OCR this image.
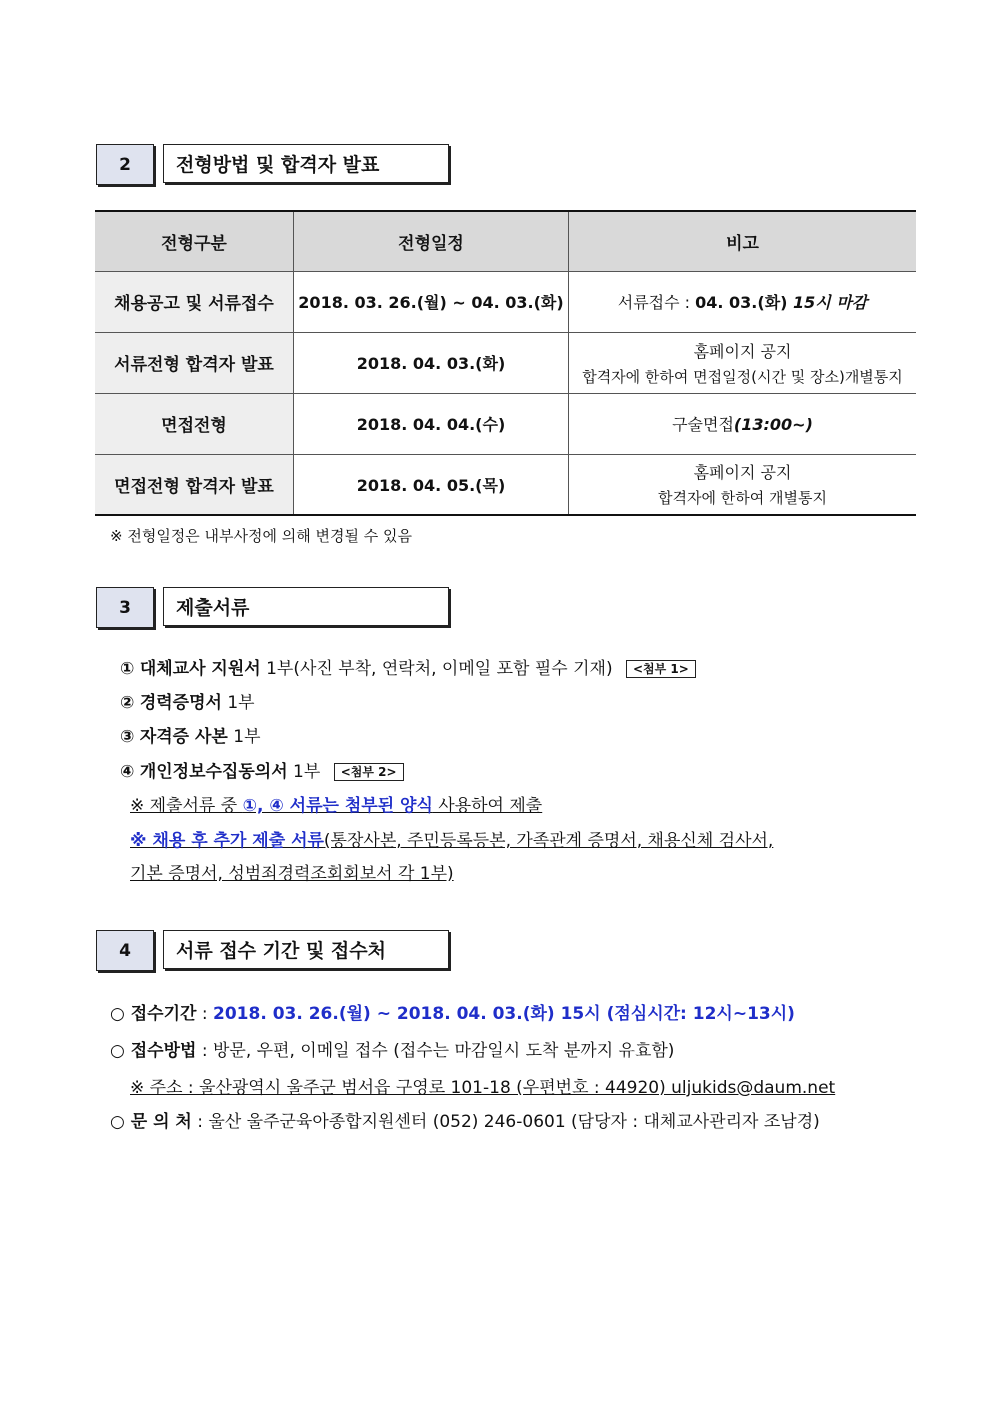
2	전형방법 및 합격자 발표
전형구분	전형일정	비고
채용공고 및 서류접수	2018. 03. 26.(월) ~ 04. 03.(화)	서류접수 : 04. 03.(화) 15시 마감
서류전형 합격자 발표	2018. 04. 03.(화)	홈페이지 공지
합격자에 한하여 면접일정(시간 및 장소)개별통지

면접전형	2018. 04. 04.(수)	구술면접(13:00~)
면접전형 합격자 발표	2018. 04. 05.(목)	홈페이지 공지
합격자에 한하여 개별통지
※ 전형일정은 내부사정에 의해 변경될 수 있음
3	제출서류
① 대체교사 지원서 1부(사진 부착, 연락처, 이메일 포함 필수 기재) <첨부 1>
② 경력증명서 1부
③ 자격증 사본 1부
④ 개인정보수집동의서 1부 <첨부 2>
※ 제출서류 중 ①, ④ 서류는 첨부된 양식 사용하여 제출
※ 채용 후 추가 제출 서류(통장사본, 주민등록등본, 가족관계 증명서, 채용신체 검사서,
기본 증명서, 성범죄경력조회회보서 각 1부)
4	서류 접수 기간 및 접수처
○ 접수기간 : 2018. 03. 26.(월) ~ 2018. 04. 03.(화) 15시 (점심시간: 12시~13시)
○ 접수방법 : 방문, 우편, 이메일 접수 (접수는 마감일시 도착 분까지 유효함)
※ 주소 : 울산광역시 울주군 범서읍 구영로 101-18 (우편번호 : 44920) uljukids@daum.net
○ 문 의 처 : 울산 울주군육아종합지원센터 (052) 246-0601 (담당자 : 대체교사관리자 조남경)
